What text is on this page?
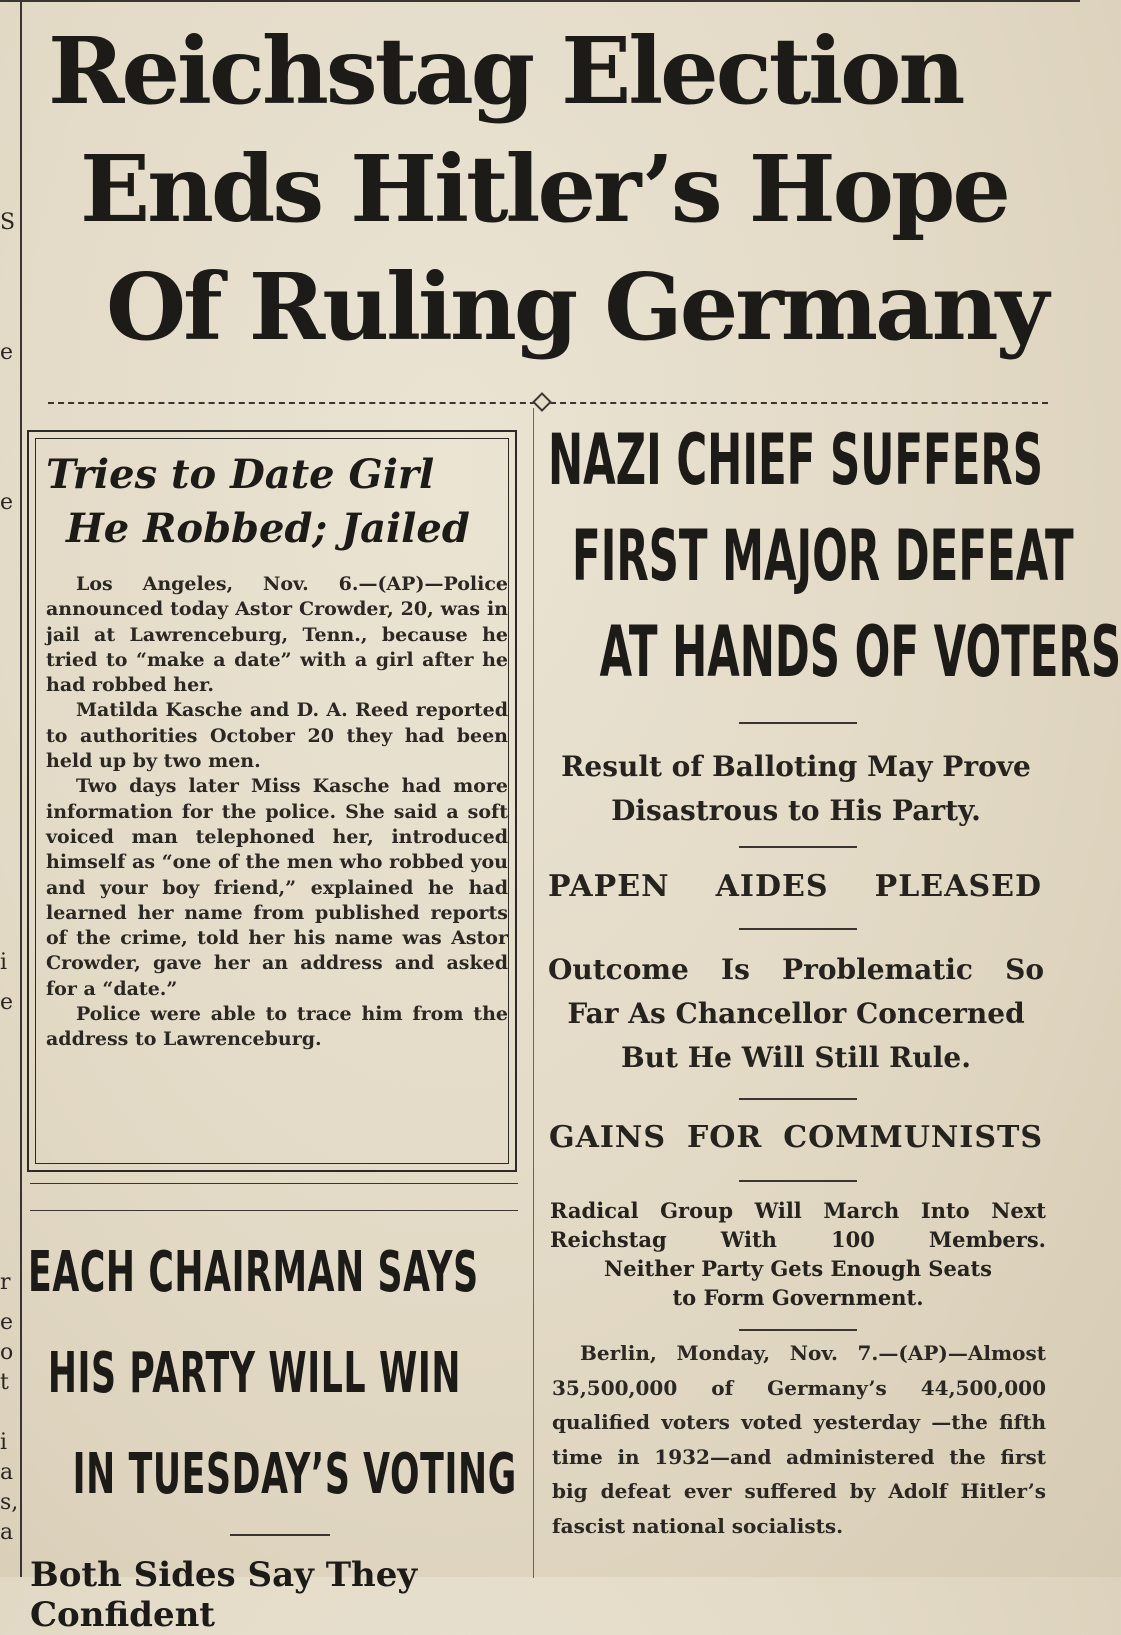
S
e
e
i
e
r
e
o
t
i
a
s,
a
Reichstag Election
Ends Hitler’s Hope
Of Ruling Germany
Tries to Date Girl
He Robbed; Jailed

Los Angeles, Nov. 6.—(AP)—Police announced today Astor Crowder, 20, was in jail at Lawrenceburg, Tenn., because he tried to “make a date” with a girl after he had robbed her.

Matilda Kasche and D. A. Reed reported to authorities October 20 they had been held up by two men.

Two days later Miss Kasche had more information for the police. She said a soft voiced man telephoned her, introduced himself as “one of the men who robbed you and your boy friend,” explained he had learned her name from published reports of the crime, told her his name was Astor Crowder, gave her an address and asked for a “date.”

Police were able to trace him from the address to Lawrenceburg.

EACH CHAIRMAN SAYS
HIS PARTY WILL WIN
IN TUESDAY’S VOTING
Both Sides Say They Confident
NAZI CHIEF SUFFERS
FIRST MAJOR DEFEAT
AT HANDS OF VOTERS
Result of Balloting May Prove
Disastrous to His Party.
PAPEN AIDES PLEASED
Outcome Is Problematic So
Far As Chancellor Concerned
But He Will Still Rule.
GAINS FOR COMMUNISTS
Radical Group Will March Into Next
Reichstag With 100 Members.
Neither Party Gets Enough Seats
to Form Government.

Berlin, Monday, Nov. 7.—(AP)—Almost 35,500,000 of Germany’s 44,500,000 qualified voters voted yesterday —the fifth time in 1932—and administered the first big defeat ever suffered by Adolf Hitler’s fascist national socialists.
